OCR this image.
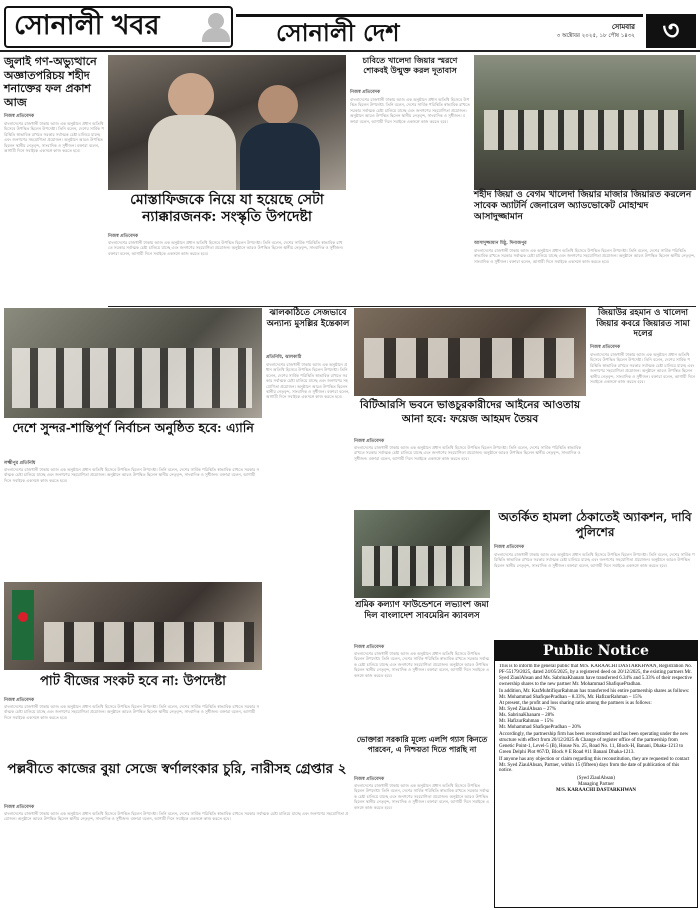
সোনালী খবর	সোনালী দেশ	সোমবার
৩ অক্টোবর ২০২৫, ১৮ পৌষ ১৪৩২	৩
জুলাই গণ-অভ্যুত্থানে অজ্ঞাতপরিচয় শহীদ শনাক্তের ফল প্রকাশ আজ
নিজস্ব প্রতিবেদক
বাংলাদেশের রাজধানী ঢাকায় আজ এক অনুষ্ঠানে প্রধান অতিথি হিসেবে উপস্থিত ছিলেন উপদেষ্টা। তিনি বলেন, দেশের সার্বিক পরিস্থিতি স্বাভাবিক রাখতে সরকার সর্বাত্মক চেষ্টা চালিয়ে যাচ্ছে এবং জনগণের সহযোগিতা প্রয়োজন। অনুষ্ঠানে আরও উপস্থিত ছিলেন স্থানীয় নেতৃবৃন্দ, সাংবাদিক ও সুধীজন। বক্তারা বলেন, আগামী দিনে সবাইকে একসঙ্গে কাজ করতে হবে।
মোস্তাফিজকে নিয়ে যা হয়েছে সেটা ন্যাক্কারজনক: সংস্কৃতি উপদেষ্টা
নিজস্ব প্রতিবেদক
বাংলাদেশের রাজধানী ঢাকায় আজ এক অনুষ্ঠানে প্রধান অতিথি হিসেবে উপস্থিত ছিলেন উপদেষ্টা। তিনি বলেন, দেশের সার্বিক পরিস্থিতি স্বাভাবিক রাখতে সরকার সর্বাত্মক চেষ্টা চালিয়ে যাচ্ছে এবং জনগণের সহযোগিতা প্রয়োজন। অনুষ্ঠানে আরও উপস্থিত ছিলেন স্থানীয় নেতৃবৃন্দ, সাংবাদিক ও সুধীজন। বক্তারা বলেন, আগামী দিনে সবাইকে একসঙ্গে কাজ করতে হবে।
চাবিতে খালেদা জিয়ার স্মরণে শোকবই উন্মুক্ত করল দূতাবাস
নিজস্ব প্রতিবেদক
বাংলাদেশের রাজধানী ঢাকায় আজ এক অনুষ্ঠানে প্রধান অতিথি হিসেবে উপস্থিত ছিলেন উপদেষ্টা। তিনি বলেন, দেশের সার্বিক পরিস্থিতি স্বাভাবিক রাখতে সরকার সর্বাত্মক চেষ্টা চালিয়ে যাচ্ছে এবং জনগণের সহযোগিতা প্রয়োজন। অনুষ্ঠানে আরও উপস্থিত ছিলেন স্থানীয় নেতৃবৃন্দ, সাংবাদিক ও সুধীজন। বক্তারা বলেন, আগামী দিনে সবাইকে একসঙ্গে কাজ করতে হবে।
শহীদ জিয়া ও বেগম খালেদা জিয়ার মাজার জিয়ারত করলেন সাবেক অ্যাটর্নি জেনারেল অ্যাডভোকেট মোহাম্মদ আসাদুজ্জামান
আসাদুজ্জামান মিঠু, দিনাজপুর
বাংলাদেশের রাজধানী ঢাকায় আজ এক অনুষ্ঠানে প্রধান অতিথি হিসেবে উপস্থিত ছিলেন উপদেষ্টা। তিনি বলেন, দেশের সার্বিক পরিস্থিতি স্বাভাবিক রাখতে সরকার সর্বাত্মক চেষ্টা চালিয়ে যাচ্ছে এবং জনগণের সহযোগিতা প্রয়োজন। অনুষ্ঠানে আরও উপস্থিত ছিলেন স্থানীয় নেতৃবৃন্দ, সাংবাদিক ও সুধীজন। বক্তারা বলেন, আগামী দিনে সবাইকে একসঙ্গে কাজ করতে হবে।
দেশে সুন্দর-শান্তিপূর্ণ নির্বাচন অনুষ্ঠিত হবে: এ্যানি
লক্ষ্মীপুর প্রতিনিধি
বাংলাদেশের রাজধানী ঢাকায় আজ এক অনুষ্ঠানে প্রধান অতিথি হিসেবে উপস্থিত ছিলেন উপদেষ্টা। তিনি বলেন, দেশের সার্বিক পরিস্থিতি স্বাভাবিক রাখতে সরকার সর্বাত্মক চেষ্টা চালিয়ে যাচ্ছে এবং জনগণের সহযোগিতা প্রয়োজন। অনুষ্ঠানে আরও উপস্থিত ছিলেন স্থানীয় নেতৃবৃন্দ, সাংবাদিক ও সুধীজন। বক্তারা বলেন, আগামী দিনে সবাইকে একসঙ্গে কাজ করতে হবে।
ঝালকাঠিতে সেজভাবে অন্যান্য মুসল্লির ইন্তেকাল
প্রতিনিধি, ঝালকাঠি
বাংলাদেশের রাজধানী ঢাকায় আজ এক অনুষ্ঠানে প্রধান অতিথি হিসেবে উপস্থিত ছিলেন উপদেষ্টা। তিনি বলেন, দেশের সার্বিক পরিস্থিতি স্বাভাবিক রাখতে সরকার সর্বাত্মক চেষ্টা চালিয়ে যাচ্ছে এবং জনগণের সহযোগিতা প্রয়োজন। অনুষ্ঠানে আরও উপস্থিত ছিলেন স্থানীয় নেতৃবৃন্দ, সাংবাদিক ও সুধীজন। বক্তারা বলেন, আগামী দিনে সবাইকে একসঙ্গে কাজ করতে হবে।
বিটিআরসি ভবনে ভাঙচুরকারীদের আইনের আওতায় আনা হবে: ফয়েজ আহমদ তৈয়ব
নিজস্ব প্রতিবেদক
বাংলাদেশের রাজধানী ঢাকায় আজ এক অনুষ্ঠানে প্রধান অতিথি হিসেবে উপস্থিত ছিলেন উপদেষ্টা। তিনি বলেন, দেশের সার্বিক পরিস্থিতি স্বাভাবিক রাখতে সরকার সর্বাত্মক চেষ্টা চালিয়ে যাচ্ছে এবং জনগণের সহযোগিতা প্রয়োজন। অনুষ্ঠানে আরও উপস্থিত ছিলেন স্থানীয় নেতৃবৃন্দ, সাংবাদিক ও সুধীজন। বক্তারা বলেন, আগামী দিনে সবাইকে একসঙ্গে কাজ করতে হবে।
জিয়াউর রহমান ও খালেদা জিয়ার কবরে জিয়ারত সামা দলের
নিজস্ব প্রতিবেদক
বাংলাদেশের রাজধানী ঢাকায় আজ এক অনুষ্ঠানে প্রধান অতিথি হিসেবে উপস্থিত ছিলেন উপদেষ্টা। তিনি বলেন, দেশের সার্বিক পরিস্থিতি স্বাভাবিক রাখতে সরকার সর্বাত্মক চেষ্টা চালিয়ে যাচ্ছে এবং জনগণের সহযোগিতা প্রয়োজন। অনুষ্ঠানে আরও উপস্থিত ছিলেন স্থানীয় নেতৃবৃন্দ, সাংবাদিক ও সুধীজন। বক্তারা বলেন, আগামী দিনে সবাইকে একসঙ্গে কাজ করতে হবে।
অতর্কিত হামলা ঠেকাতেই অ্যাকশন, দাবি পুলিশের
নিজস্ব প্রতিবেদক
বাংলাদেশের রাজধানী ঢাকায় আজ এক অনুষ্ঠানে প্রধান অতিথি হিসেবে উপস্থিত ছিলেন উপদেষ্টা। তিনি বলেন, দেশের সার্বিক পরিস্থিতি স্বাভাবিক রাখতে সরকার সর্বাত্মক চেষ্টা চালিয়ে যাচ্ছে এবং জনগণের সহযোগিতা প্রয়োজন। অনুষ্ঠানে আরও উপস্থিত ছিলেন স্থানীয় নেতৃবৃন্দ, সাংবাদিক ও সুধীজন। বক্তারা বলেন, আগামী দিনে সবাইকে একসঙ্গে কাজ করতে হবে।
শ্রমিক কল্যাণ ফাউন্ডেশনে লভ্যাংশ জমা দিল বাংলাদেশ সাবমেরিন ক্যাবলস
নিজস্ব প্রতিবেদক
বাংলাদেশের রাজধানী ঢাকায় আজ এক অনুষ্ঠানে প্রধান অতিথি হিসেবে উপস্থিত ছিলেন উপদেষ্টা। তিনি বলেন, দেশের সার্বিক পরিস্থিতি স্বাভাবিক রাখতে সরকার সর্বাত্মক চেষ্টা চালিয়ে যাচ্ছে এবং জনগণের সহযোগিতা প্রয়োজন। অনুষ্ঠানে আরও উপস্থিত ছিলেন স্থানীয় নেতৃবৃন্দ, সাংবাদিক ও সুধীজন। বক্তারা বলেন, আগামী দিনে সবাইকে একসঙ্গে কাজ করতে হবে।
পাট বীজের সংকট হবে না: উপদেষ্টা
নিজস্ব প্রতিবেদক
বাংলাদেশের রাজধানী ঢাকায় আজ এক অনুষ্ঠানে প্রধান অতিথি হিসেবে উপস্থিত ছিলেন উপদেষ্টা। তিনি বলেন, দেশের সার্বিক পরিস্থিতি স্বাভাবিক রাখতে সরকার সর্বাত্মক চেষ্টা চালিয়ে যাচ্ছে এবং জনগণের সহযোগিতা প্রয়োজন। অনুষ্ঠানে আরও উপস্থিত ছিলেন স্থানীয় নেতৃবৃন্দ, সাংবাদিক ও সুধীজন। বক্তারা বলেন, আগামী দিনে সবাইকে একসঙ্গে কাজ করতে হবে।
পল্লবীতে কাজের বুয়া সেজে স্বর্ণালংকার চুরি, নারীসহ গ্রেপ্তার ২
নিজস্ব প্রতিবেদক
বাংলাদেশের রাজধানী ঢাকায় আজ এক অনুষ্ঠানে প্রধান অতিথি হিসেবে উপস্থিত ছিলেন উপদেষ্টা। তিনি বলেন, দেশের সার্বিক পরিস্থিতি স্বাভাবিক রাখতে সরকার সর্বাত্মক চেষ্টা চালিয়ে যাচ্ছে এবং জনগণের সহযোগিতা প্রয়োজন। অনুষ্ঠানে আরও উপস্থিত ছিলেন স্থানীয় নেতৃবৃন্দ, সাংবাদিক ও সুধীজন। বক্তারা বলেন, আগামী দিনে সবাইকে একসঙ্গে কাজ করতে হবে।
ভোক্তারা সরকারি মূল্যে এলপি গ্যাস কিনতে পারবেন, এ নিশ্চয়তা দিতে পারছি না
নিজস্ব প্রতিবেদক
বাংলাদেশের রাজধানী ঢাকায় আজ এক অনুষ্ঠানে প্রধান অতিথি হিসেবে উপস্থিত ছিলেন উপদেষ্টা। তিনি বলেন, দেশের সার্বিক পরিস্থিতি স্বাভাবিক রাখতে সরকার সর্বাত্মক চেষ্টা চালিয়ে যাচ্ছে এবং জনগণের সহযোগিতা প্রয়োজন। অনুষ্ঠানে আরও উপস্থিত ছিলেন স্থানীয় নেতৃবৃন্দ, সাংবাদিক ও সুধীজন। বক্তারা বলেন, আগামী দিনে সবাইকে একসঙ্গে কাজ করতে হবে।
Public Notice
This is to inform the general public that M/S. KARAACHI DASTARKHWAN, Registration No. PF-55179/2025, dated 24/05/2025, by a registered deed on 20/12/2025, the existing partners Mr. Syed ZiaulAhsan and Ms. SabrinaKhanam have transferred 6.34% and 5.33% of their respective ownership shares to the new partner Mr. Mohammad ShafiquePradhan.
In addition, Mr. KazMuhtifiqurRahman has transferred his entire partnership shares as follows: Mr. Mohammad ShafiquePradhan – 8.33%, Mr. HafizurRahman – 15%
At present, the profit and loss sharing ratio among the partners is as follows:
Mr. Syed ZiaulAhsan – 27%
Ms. SabrinaKhanam – 28%
Mr. HafizurRahman – 15%
Mr. Mohammad ShafiquePradhan – 20%
Accordingly, the partnership firm has been reconstituted and has been operating under the new structure with effect from 20/12/2025 & Change of register office of the partnership from Genetic Point-1, Level-5 (B), House No. 25, Road No. 11, Block-H, Banani, Dhaka-1213 to Green Delphi Plot #67/D, Block # E Road #11 Banani Dhaka-1213.
If anyone has any objection or claim regarding this reconstitution, they are requested to contact Mr. Syed ZiaulAhsan, Partner, within 15 (fifteen) days from the date of publication of this notice.
(Syed ZiaulAhsan)
Managing Partner
M/S. KARAACHI DASTARKHWAN
